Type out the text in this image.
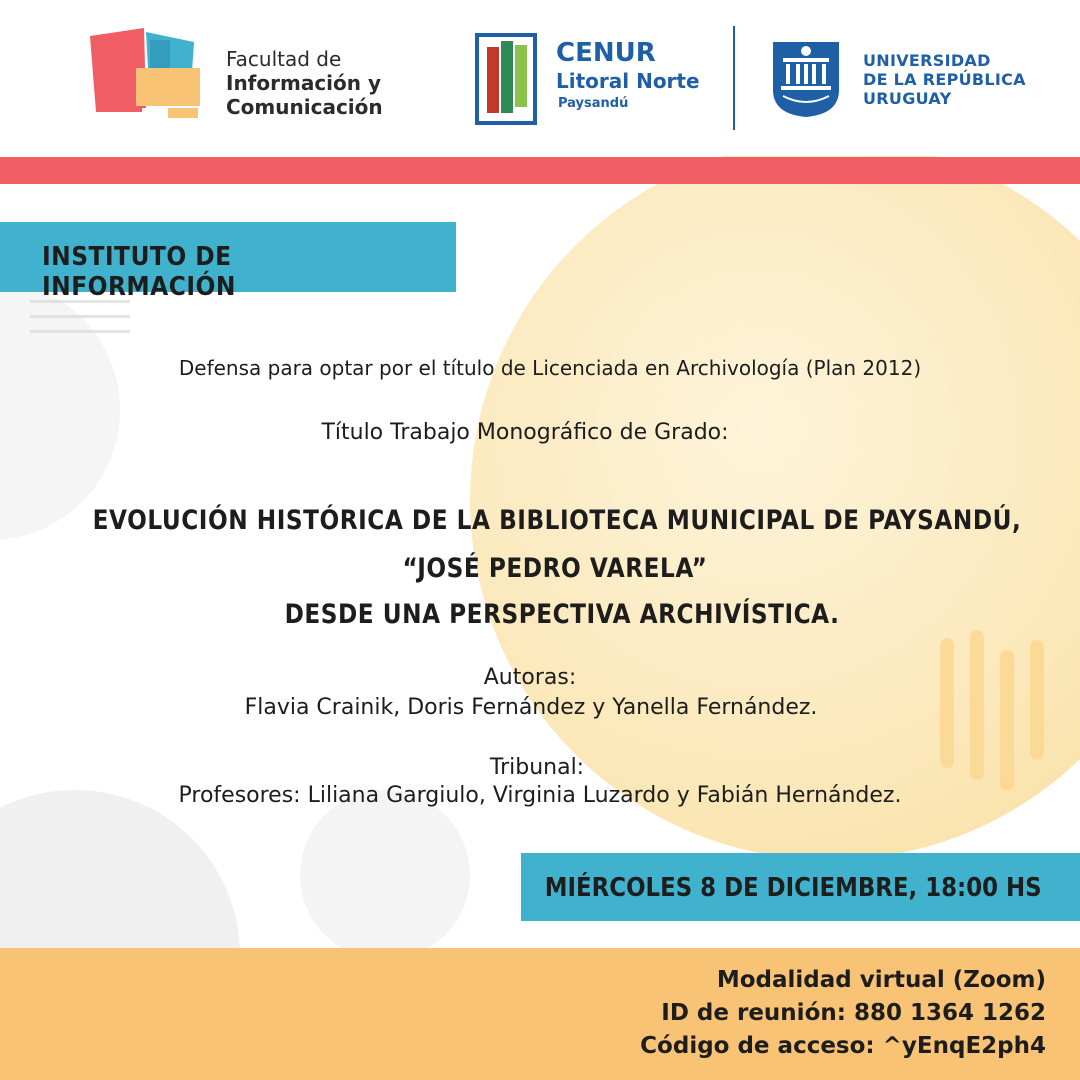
Facultad de
Información y
Comunicación
CENUR
Litoral Norte
Paysandú
UNIVERSIDAD
DE LA REPÚBLICA
URUGUAY
INSTITUTO DE INFORMACIÓN
Defensa para optar por el título de Licenciada en Archivología (Plan 2012)
Título Trabajo Monográfico de Grado:
EVOLUCIÓN HISTÓRICA DE LA BIBLIOTECA MUNICIPAL DE PAYSANDÚ,
“JOSÉ PEDRO VARELA”
DESDE UNA PERSPECTIVA ARCHIVÍSTICA.
Autoras:
Flavia Crainik, Doris Fernández y Yanella Fernández.
Tribunal:
Profesores: Liliana Gargiulo, Virginia Luzardo y Fabián Hernández.
MIÉRCOLES 8 DE DICIEMBRE, 18:00 HS
Modalidad virtual (Zoom)
ID de reunión: 880 1364 1262
Código de acceso: ^yEnqE2ph4
